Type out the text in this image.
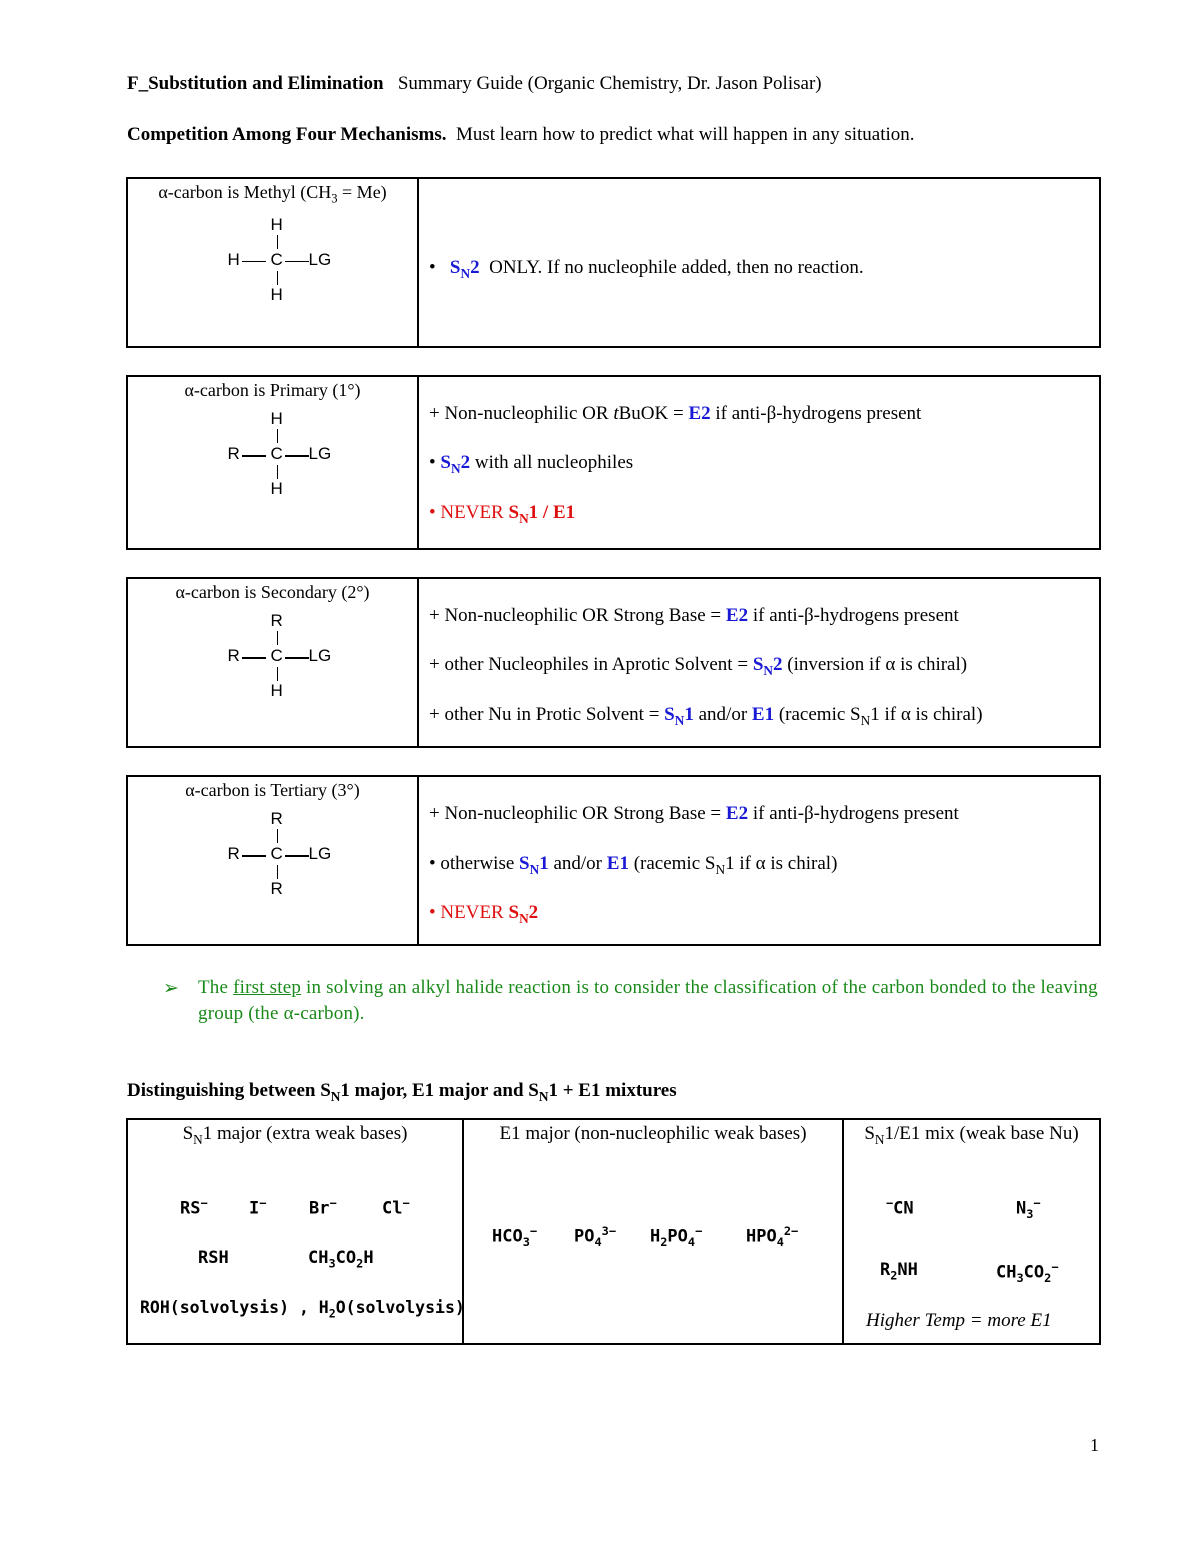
F_Substitution and Elimination Summary Guide (Organic Chemistry, Dr. Jason Polisar)
Competition Among Four Mechanisms. Must learn how to predict what will happen in any situation.
α-carbon is Methyl $(CH_3 = Me)$
H
H C LG
H

• $S_N2$ ONLY. If no nucleophile added, then no reaction.
α-carbon is Primary (1°)
H
R C LG
H

+ Non-nucleophilic OR tBuOK = E2 if anti-β-hydrogens present
• $S_N2$ with all nucleophiles
• NEVER $S_N1 / E1$
α-carbon is Secondary (2°)
R
R C LG
H

+ Non-nucleophilic OR Strong Base = E2 if anti-β-hydrogens present
+ other Nucleophiles in Aprotic Solvent = $S_N2$ (inversion if α is chiral)
+ other Nu in Protic Solvent = $S_N1$ and/or E1 (racemic $S_N1$ if α is chiral)
α-carbon is Tertiary (3°)
R
R C LG
R

+ Non-nucleophilic OR Strong Base = E2 if anti-β-hydrogens present
• otherwise $S_N1$ and/or E1 (racemic $S_N1$ if α is chiral)
• NEVER $S_N2$
➢ The first step in solving an alkyl halide reaction is to consider the classification of the carbon bonded to the leaving group (the α-carbon).
Distinguishing between $S_N1$ major, E1 major and $S_N1 + E1$ mixtures
$S_N1$ major (extra weak bases)
RS− I−	Br−	Cl−
RSH	$CH_3CO_2H$
ROH(solvolysis) , $H_2O(solvolysis)$

E1 major (non-nucleophilic weak bases)
$HCO_3^-$ $PO_4^{3-}$ $H_2PO_4^-$	$HPO_4^{2-}$

$S_N1/E1$ mix (weak base Nu)
−CN	$N_3^-$
$R_2NH$	$CH_3CO_2^-$
Higher Temp = more E1
1
